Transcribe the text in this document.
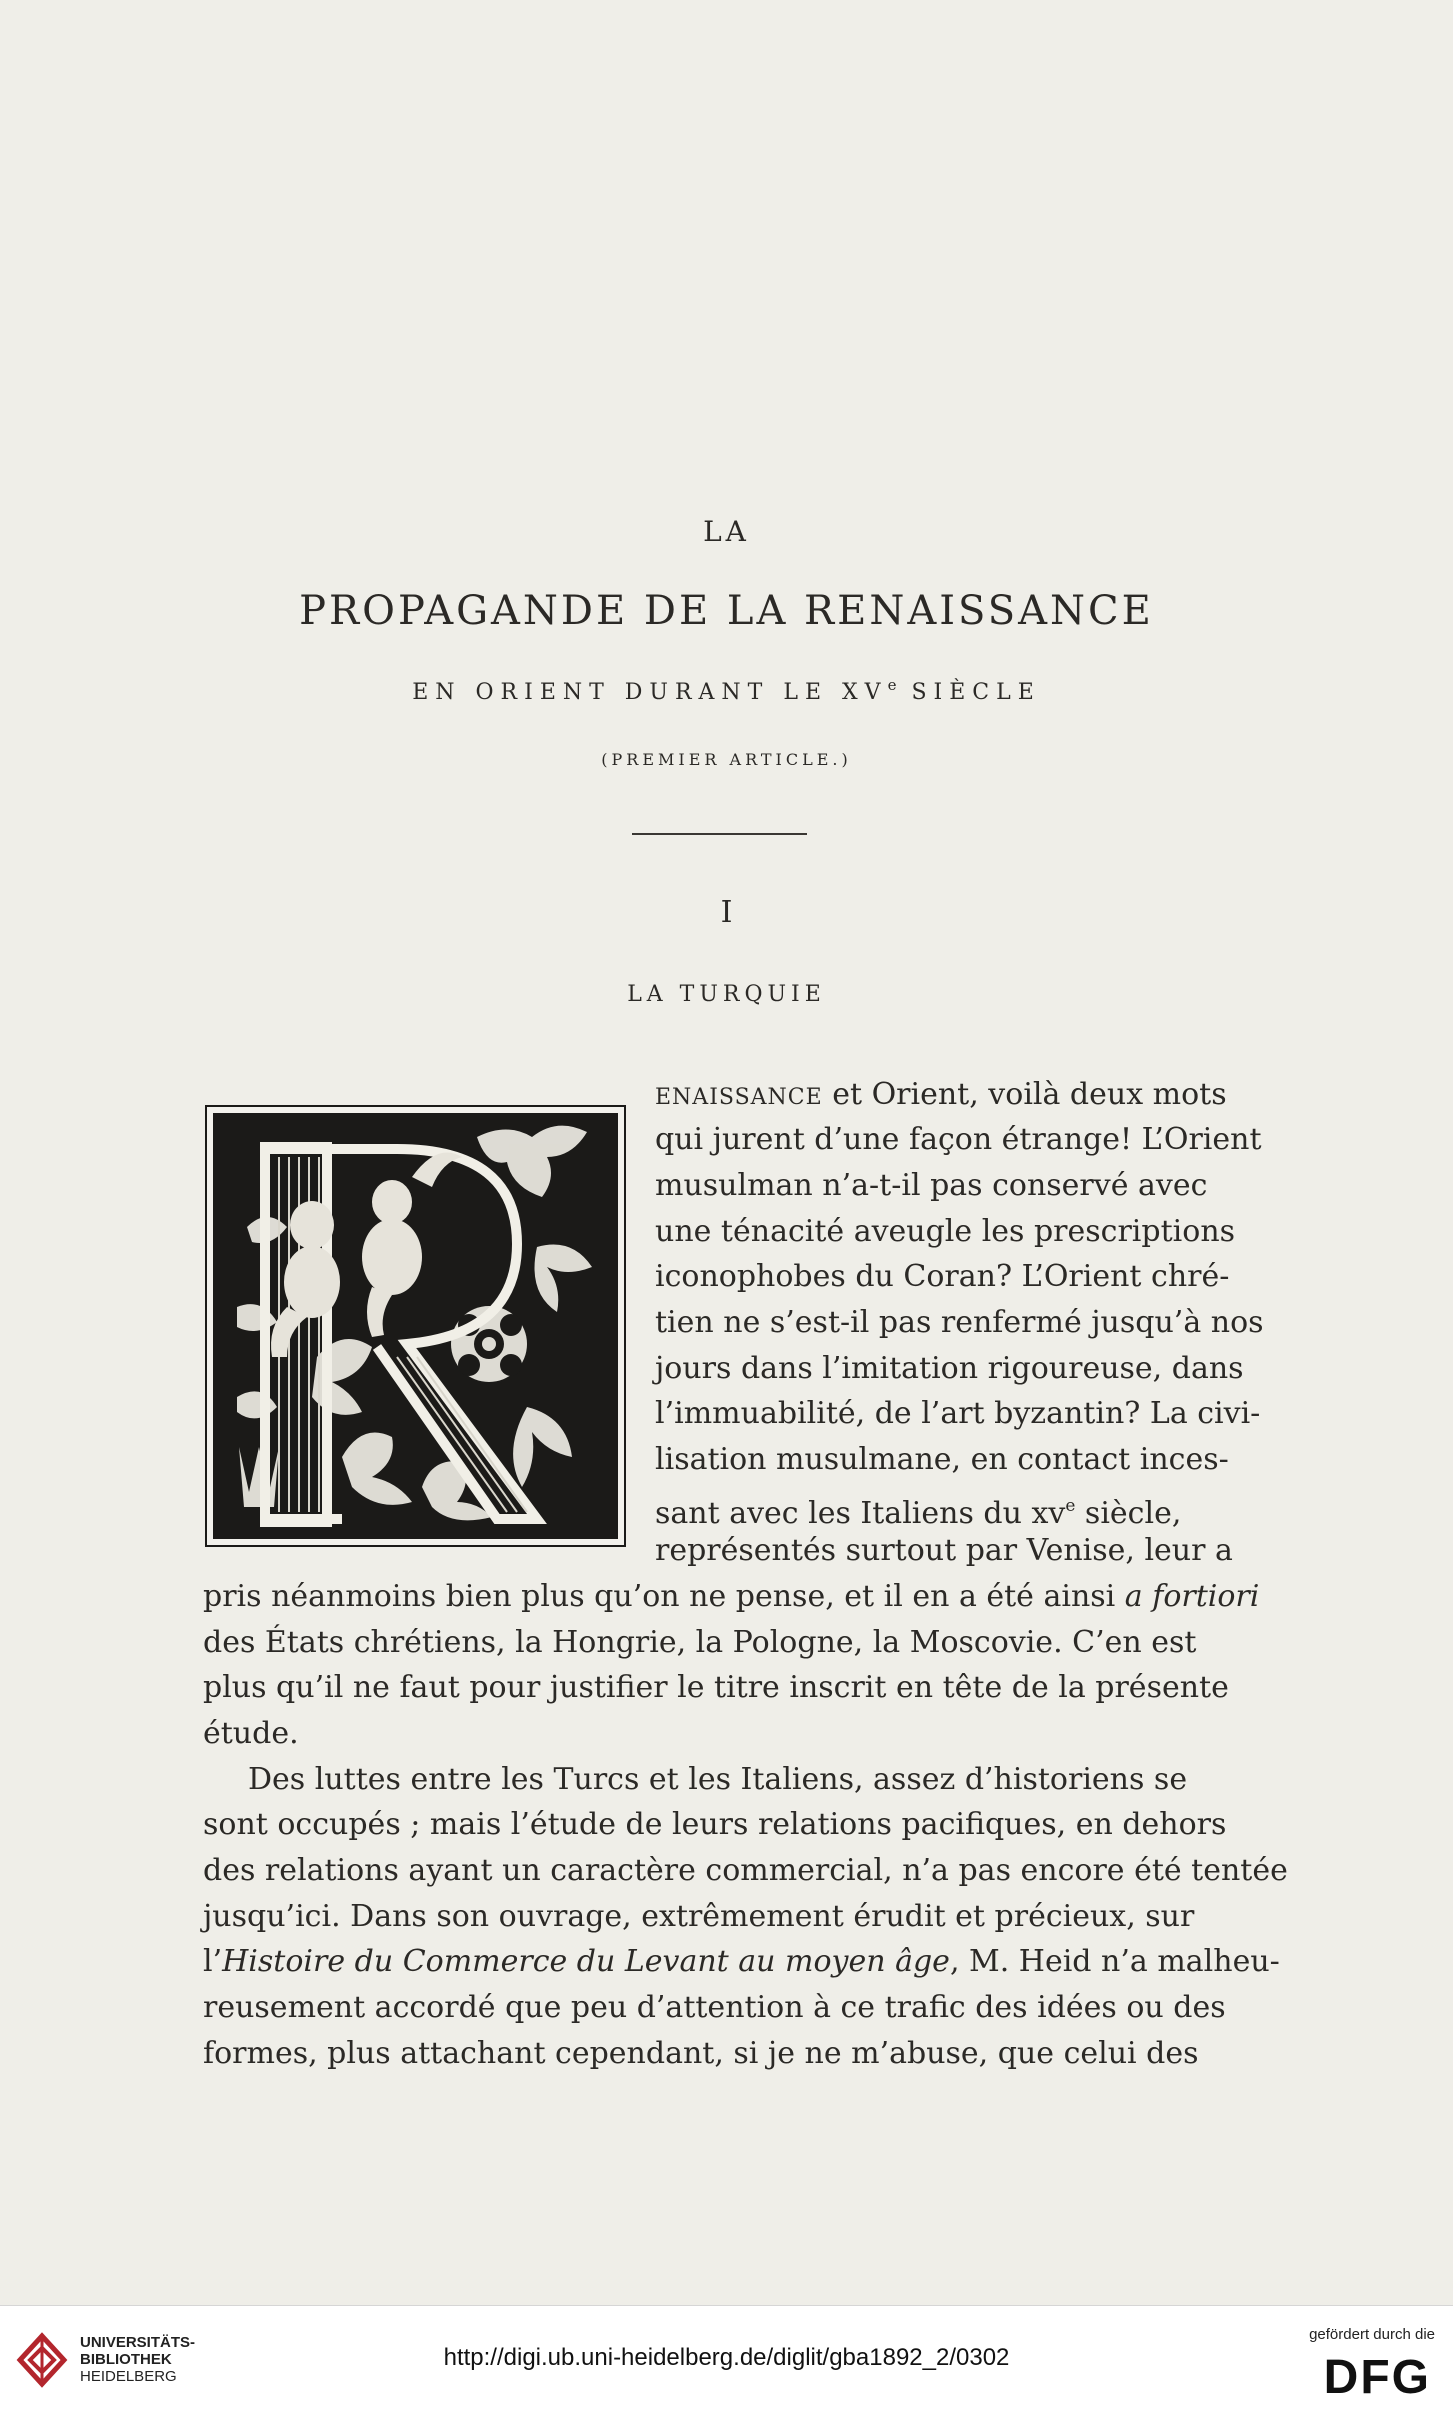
LA
PROPAGANDE DE LA RENAISSANCE
EN ORIENT DURANT LE XVe SIÈCLE
(PREMIER ARTICLE.)
I
LA TURQUIE
ENAISSANCE et Orient, voilà deux mots
qui jurent d’une façon étrange! L’Orient
musulman n’a-t-il pas conservé avec
une ténacité aveugle les prescriptions
iconophobes du Coran? L’Orient chré-
tien ne s’est-il pas renfermé jusqu’à nos
jours dans l’imitation rigoureuse, dans
l’immuabilité, de l’art byzantin? La civi-
lisation musulmane, en contact inces-
sant avec les Italiens du $xv^e$ siècle,
représentés surtout par Venise, leur a
pris néanmoins bien plus qu’on ne pense, et il en a été ainsi a fortiori
des États chrétiens, la Hongrie, la Pologne, la Moscovie. C’en est
plus qu’il ne faut pour justifier le titre inscrit en tête de la présente
étude.
Des luttes entre les Turcs et les Italiens, assez d’historiens se
sont occupés ; mais l’étude de leurs relations pacifiques, en dehors
des relations ayant un caractère commercial, n’a pas encore été tentée
jusqu’ici. Dans son ouvrage, extrêmement érudit et précieux, sur
l’Histoire du Commerce du Levant au moyen âge, M. Heid n’a malheu-
reusement accordé que peu d’attention à ce trafic des idées ou des
formes, plus attachant cependant, si je ne m’abuse, que celui des
UNIVERSITÄTS-
BIBLIOTHEK
HEIDELBERG
http://digi.ub.uni-heidelberg.de/diglit/gba1892_2/0302
gefördert durch die
DFG
